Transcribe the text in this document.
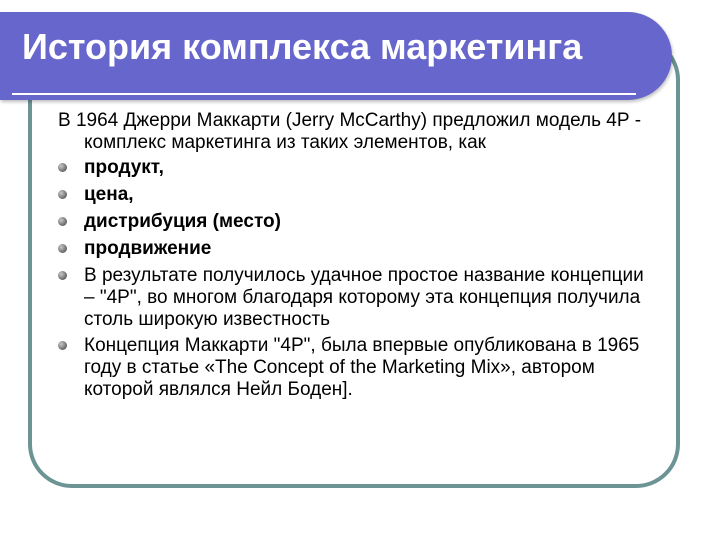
История комплекса маркетинга

В 1964 Джерри Маккарти (Jerry McCarthy) предложил модель 4Р - комплекс маркетинга из таких элементов, как

продукт,
цена,
дистрибуция (место)
продвижение
В результате получилось удачное простое название концепции – "4P", во многом благодаря которому эта концепция получила столь широкую известность
Концепция Маккарти "4P", была впервые опубликована в 1965 году в статье «The Concept of the Marketing Mix», автором которой являлся Нейл Боден].
